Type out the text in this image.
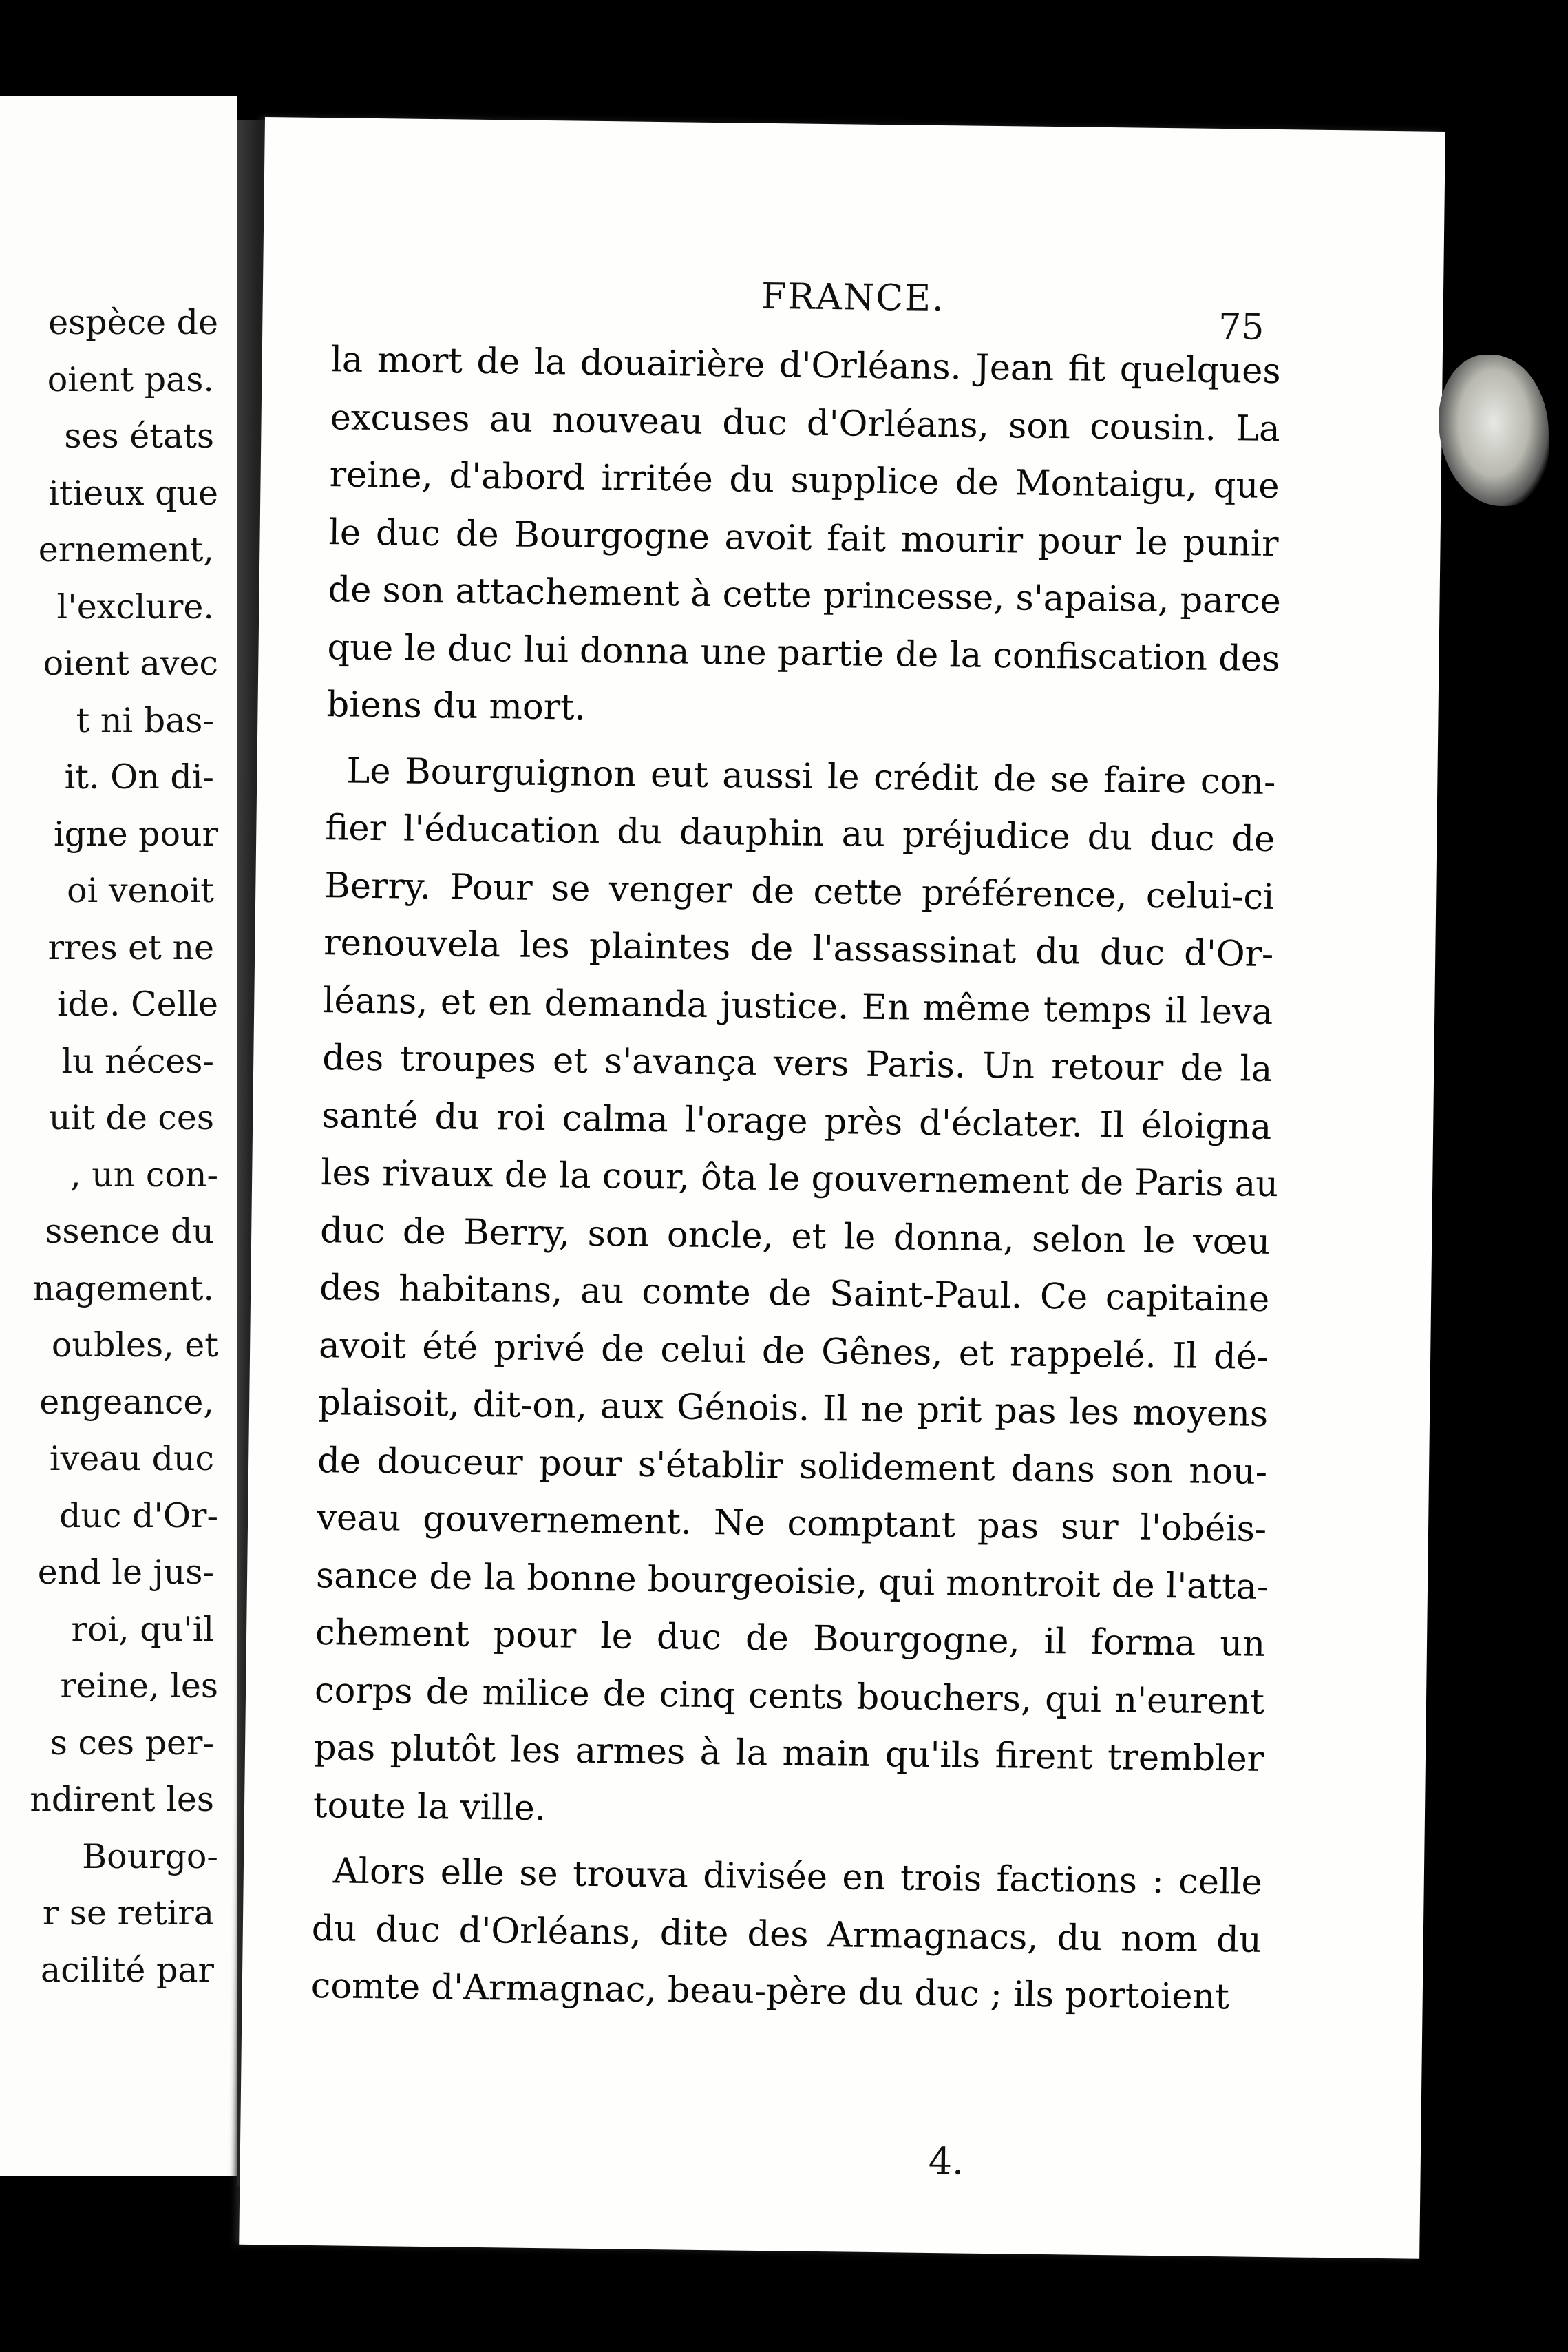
espèce de
oient pas.
ses états
itieux que
ernement,
l'exclure.
oient avec
t ni bas-
it. On di-
igne pour
oi venoit
rres et ne
ide. Celle
lu néces-
uit de ces
, un con-
ssence du
nagement.
oubles, et
engeance,
iveau duc
duc d'Or-
end le jus-
roi, qu'il
reine, les
s ces per-
ndirent les
Bourgo-
r se retira
acilité par
FRANCE.
75
la mort de la douairière d'Orléans. Jean fit quelques
excuses au nouveau duc d'Orléans, son cousin. La
reine, d'abord irritée du supplice de Montaigu, que
le duc de Bourgogne avoit fait mourir pour le punir
de son attachement à cette princesse, s'apaisa, parce
que le duc lui donna une partie de la confiscation des
biens du mort.
Le Bourguignon eut aussi le crédit de se faire con-
fier l'éducation du dauphin au préjudice du duc de
Berry. Pour se venger de cette préférence, celui-ci
renouvela les plaintes de l'assassinat du duc d'Or-
léans, et en demanda justice. En même temps il leva
des troupes et s'avança vers Paris. Un retour de la
santé du roi calma l'orage près d'éclater. Il éloigna
les rivaux de la cour, ôta le gouvernement de Paris au
duc de Berry, son oncle, et le donna, selon le vœu
des habitans, au comte de Saint-Paul. Ce capitaine
avoit été privé de celui de Gênes, et rappelé. Il dé-
plaisoit, dit-on, aux Génois. Il ne prit pas les moyens
de douceur pour s'établir solidement dans son nou-
veau gouvernement. Ne comptant pas sur l'obéis-
sance de la bonne bourgeoisie, qui montroit de l'atta-
chement pour le duc de Bourgogne, il forma un
corps de milice de cinq cents bouchers, qui n'eurent
pas plutôt les armes à la main qu'ils firent trembler
toute la ville.
Alors elle se trouva divisée en trois factions : celle
du duc d'Orléans, dite des Armagnacs, du nom du
comte d'Armagnac, beau-père du duc ; ils portoient
4.
